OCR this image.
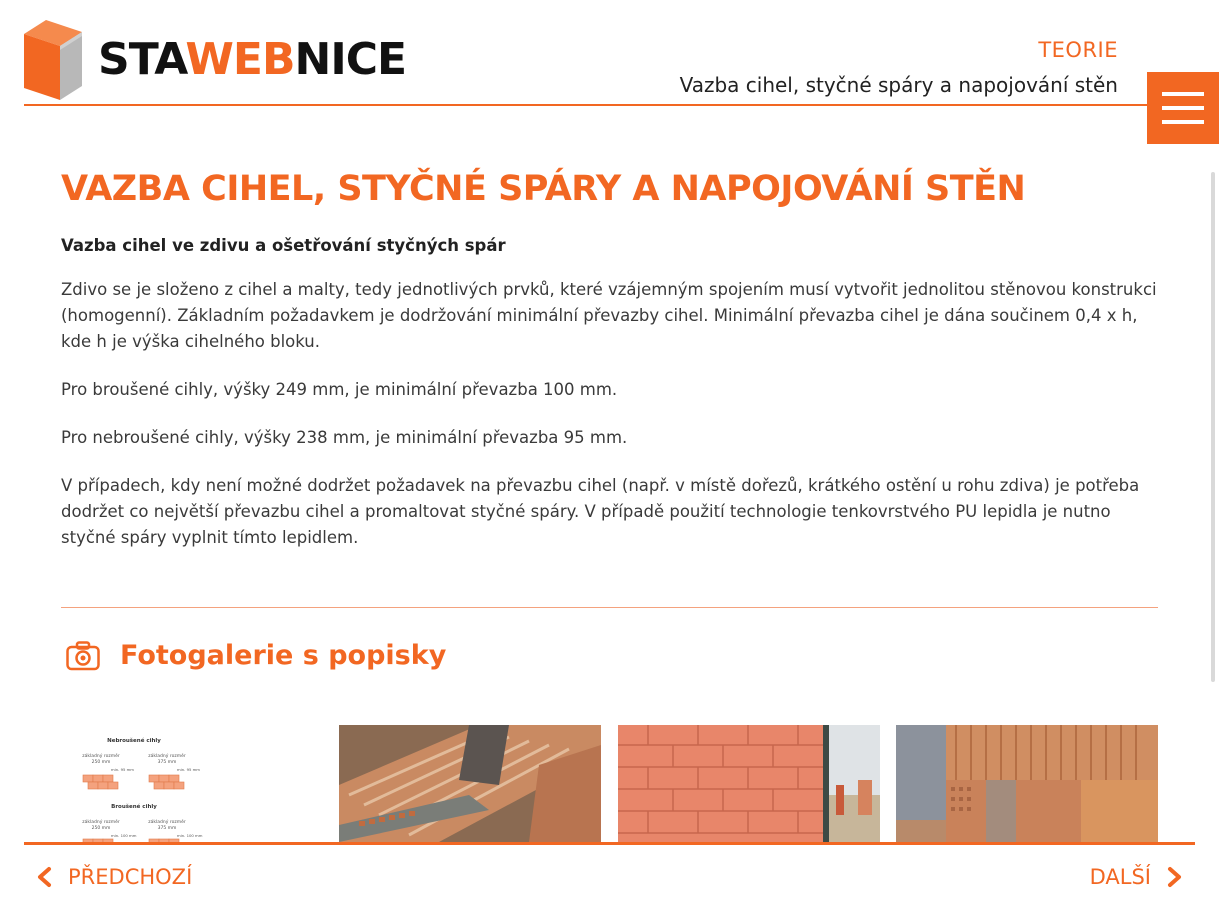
STAWEBNICE	TEORIE
Vazba cihel, styčné spáry a napojování stěn
VAZBA CIHEL, STYČNÉ SPÁRY A NAPOJOVÁNÍ STĚN
Vazba cihel ve zdivu a ošetřování styčných spár

Zdivo se je složeno z cihel a malty, tedy jednotlivých prvků, které vzájemným spojením musí vytvořit jednolitou stěnovou konstrukci (homogenní). Základním požadavkem je dodržování minimální převazby cihel. Minimální převazba cihel je dána součinem 0,4 x h, kde h je výška cihelného bloku.

Pro broušené cihly, výšky 249 mm, je minimální převazba 100 mm.

Pro nebroušené cihly, výšky 238 mm, je minimální převazba 95 mm.

V případech, kdy není možné dodržet požadavek na převazbu cihel (např. v místě dořezů, krátkého ostění u rohu zdiva) je potřeba dodržet co největší převazbu cihel a promaltovat styčné spáry. V případě použití technologie tenkovrstvého PU lepidla je nutno styčné spáry vyplnit tímto lepidlem.

Fotogalerie s popisky
Nebroušené cihly
základný rozměr
250 mm
základný rozměr
375 mm
min. 95 mm	min. 95 mm
Broušené cihly
základný rozměr
250 mm
základný rozměr
375 mm
min. 100 mm	min. 100 mm
PŘEDCHOZÍ	DALŠÍ
